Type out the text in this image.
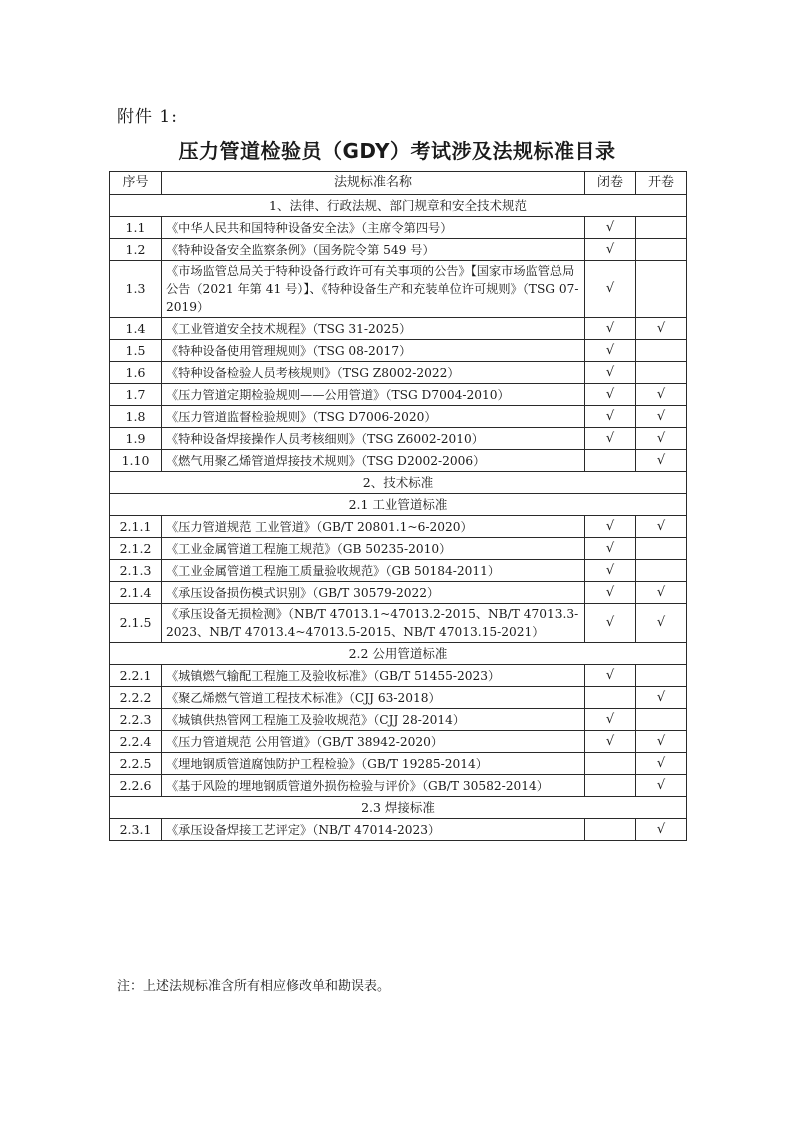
附件 1:
压力管道检验员（GDY）考试涉及法规标准目录
序号	法规标准名称	闭卷	开卷
1、法律、行政法规、部门规章和安全技术规范			
1.1	《中华人民共和国特种设备安全法》（主席令第四号）	√	
1.2	《特种设备安全监察条例》（国务院令第 549 号）	√	
1.3	《市场监管总局关于特种设备行政许可有关事项的公告》【国家市场监管总局公告（2021 年第 41 号）】、《特种设备生产和充装单位许可规则》（TSG 07-2019）	√	
1.4	《工业管道安全技术规程》（TSG 31-2025）	√	√
1.5	《特种设备使用管理规则》（TSG 08-2017）	√	
1.6	《特种设备检验人员考核规则》（TSG Z8002-2022）	√	
1.7	《压力管道定期检验规则——公用管道》（TSG D7004-2010）	√	√
1.8	《压力管道监督检验规则》（TSG D7006-2020）	√	√
1.9	《特种设备焊接操作人员考核细则》（TSG Z6002-2010）	√	√
1.10	《燃气用聚乙烯管道焊接技术规则》（TSG D2002-2006）		√
2、技术标准			
2.1 工业管道标准			
2.1.1	《压力管道规范 工业管道》（GB/T 20801.1~6-2020）	√	√
2.1.2	《工业金属管道工程施工规范》（GB 50235-2010）	√	
2.1.3	《工业金属管道工程施工质量验收规范》（GB 50184-2011）	√	
2.1.4	《承压设备损伤模式识别》（GB/T 30579-2022）	√	√
2.1.5	《承压设备无损检测》（NB/T 47013.1~47013.2-2015、NB/T 47013.3-2023、NB/T 47013.4~47013.5-2015、NB/T 47013.15-2021）	√	√
2.2 公用管道标准			
2.2.1	《城镇燃气输配工程施工及验收标准》（GB/T 51455-2023）	√	
2.2.2	《聚乙烯燃气管道工程技术标准》（CJJ 63-2018）		√
2.2.3	《城镇供热管网工程施工及验收规范》（CJJ 28-2014）	√	
2.2.4	《压力管道规范 公用管道》（GB/T 38942-2020）	√	√
2.2.5	《埋地钢质管道腐蚀防护工程检验》（GB/T 19285-2014）		√
2.2.6	《基于风险的埋地钢质管道外损伤检验与评价》（GB/T 30582-2014）		√
2.3 焊接标准			
2.3.1	《承压设备焊接工艺评定》（NB/T 47014-2023）		√
注：上述法规标准含所有相应修改单和勘误表。
